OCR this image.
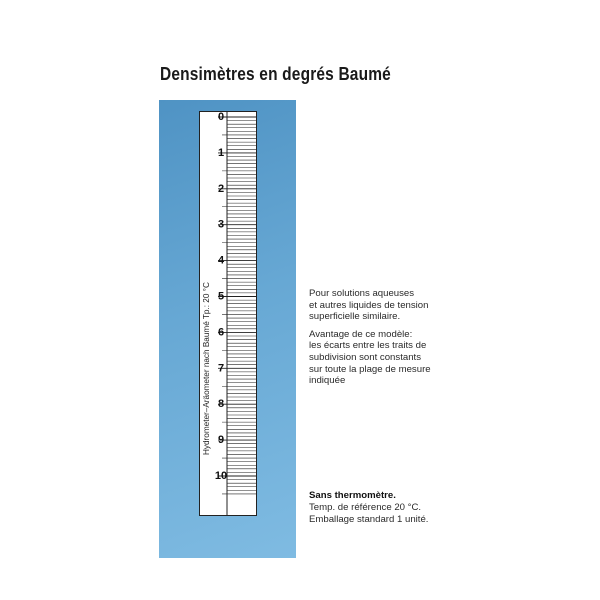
Densimètres en degrés Baumé
Hydrometer–Aräometer nach Baumé Tp.: 20 °C
0
1
2
3
4
5
6
7
8
9
10

Pour solutions aqueuses
et autres liquides de tension
superficielle similaire.

Avantage de ce modèle:
les écarts entre les traits de
subdivision sont constants
sur toute la plage de mesure
indiquée

Sans thermomètre.
Temp. de référence 20 °C.
Emballage standard 1 unité.
